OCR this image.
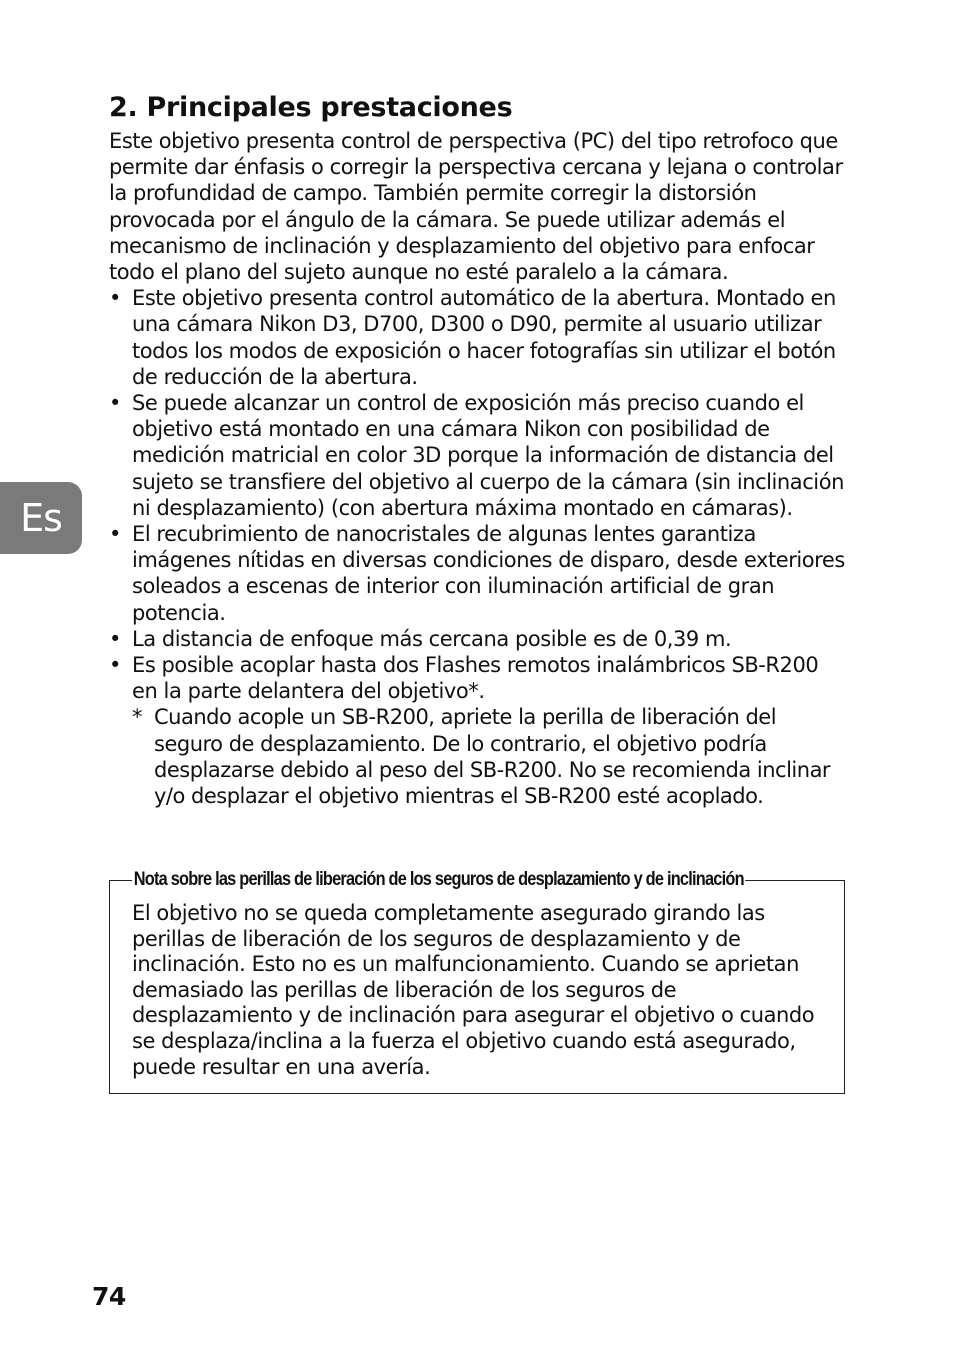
Es
2. Principales prestaciones

Este objetivo presenta control de perspectiva (PC) del tipo retrofoco que permite dar énfasis o corregir la perspectiva cercana y lejana o controlar la profundidad de campo. También permite corregir la distorsión provocada por el ángulo de la cámara. Se puede utilizar además el mecanismo de inclinación y desplazamiento del objetivo para enfocar todo el plano del sujeto aunque no esté paralelo a la cámara.

• Este objetivo presenta control automático de la abertura. Montado en una cámara Nikon D3, D700, D300 o D90, permite al usuario utilizar todos los modos de exposición o hacer fotografías sin utilizar el botón de reducción de la abertura.
• Se puede alcanzar un control de exposición más preciso cuando el objetivo está montado en una cámara Nikon con posibilidad de medición matricial en color 3D porque la información de distancia del sujeto se transfiere del objetivo al cuerpo de la cámara (sin inclinación ni desplazamiento) (con abertura máxima montado en cámaras).
• El recubrimiento de nanocristales de algunas lentes garantiza imágenes nítidas en diversas condiciones de disparo, desde exteriores soleados a escenas de interior con iluminación artificial de gran potencia.
• La distancia de enfoque más cercana posible es de 0,39 m.
• Es posible acoplar hasta dos Flashes remotos inalámbricos SB-R200 en la parte delantera del objetivo*.
* Cuando acople un SB-R200, apriete la perilla de liberación del seguro de desplazamiento. De lo contrario, el objetivo podría desplazarse debido al peso del SB-R200. No se recomienda inclinar y/o desplazar el objetivo mientras el SB-R200 esté acoplado.
Nota sobre las perillas de liberación de los seguros de desplazamiento y de inclinación

El objetivo no se queda completamente asegurado girando las perillas de liberación de los seguros de desplazamiento y de inclinación. Esto no es un malfuncionamiento. Cuando se aprietan demasiado las perillas de liberación de los seguros de desplazamiento y de inclinación para asegurar el objetivo o cuando se desplaza/inclina a la fuerza el objetivo cuando está asegurado, puede resultar en una avería.

74
